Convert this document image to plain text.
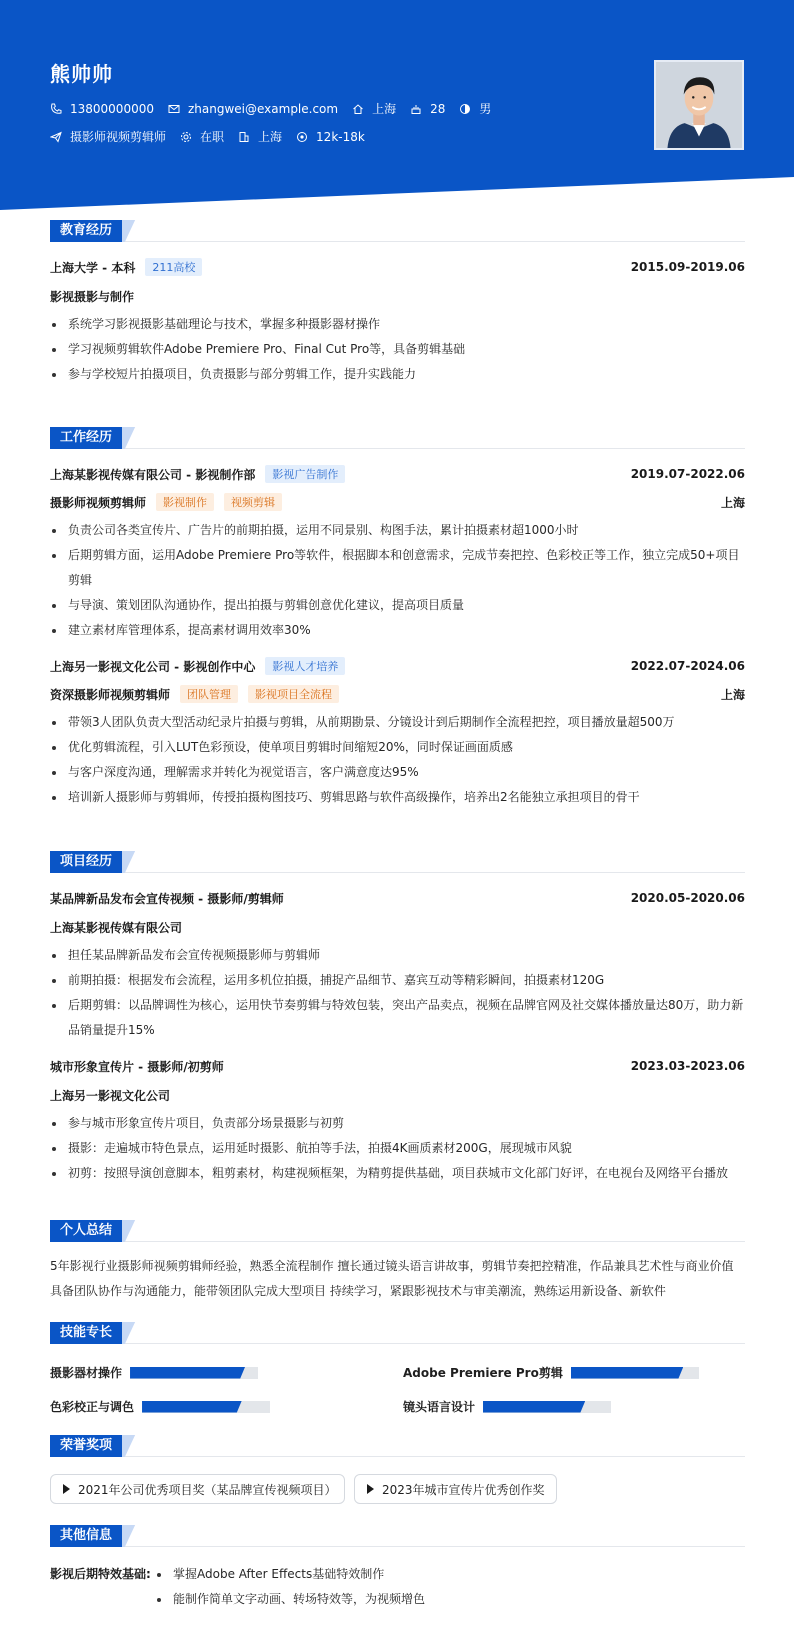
熊帅帅
13800000000	zhangwei@example.com	上海	28	男
摄影师视频剪辑师	在职	上海	12k-18k
教育经历
上海大学 - 本科	211高校	2015.09-2019.06
影视摄影与制作
系统学习影视摄影基础理论与技术，掌握多种摄影器材操作
学习视频剪辑软件Adobe Premiere Pro、Final Cut Pro等，具备剪辑基础
参与学校短片拍摄项目，负责摄影与部分剪辑工作，提升实践能力
工作经历
上海某影视传媒有限公司 - 影视制作部	影视广告制作	2019.07-2022.06
摄影师视频剪辑师	影视制作	视频剪辑	上海
负责公司各类宣传片、广告片的前期拍摄，运用不同景别、构图手法，累计拍摄素材超1000小时
后期剪辑方面，运用Adobe Premiere Pro等软件，根据脚本和创意需求，完成节奏把控、色彩校正等工作，独立完成50+项目剪辑
与导演、策划团队沟通协作，提出拍摄与剪辑创意优化建议，提高项目质量
建立素材库管理体系，提高素材调用效率30%
上海另一影视文化公司 - 影视创作中心	影视人才培养	2022.07-2024.06
资深摄影师视频剪辑师	团队管理	影视项目全流程	上海
带领3人团队负责大型活动纪录片拍摄与剪辑，从前期勘景、分镜设计到后期制作全流程把控，项目播放量超500万
优化剪辑流程，引入LUT色彩预设，使单项目剪辑时间缩短20%，同时保证画面质感
与客户深度沟通，理解需求并转化为视觉语言，客户满意度达95%
培训新人摄影师与剪辑师，传授拍摄构图技巧、剪辑思路与软件高级操作，培养出2名能独立承担项目的骨干
项目经历
某品牌新品发布会宣传视频 - 摄影师/剪辑师	2020.05-2020.06
上海某影视传媒有限公司
担任某品牌新品发布会宣传视频摄影师与剪辑师
前期拍摄：根据发布会流程，运用多机位拍摄，捕捉产品细节、嘉宾互动等精彩瞬间，拍摄素材120G
后期剪辑：以品牌调性为核心，运用快节奏剪辑与特效包装，突出产品卖点，视频在品牌官网及社交媒体播放量达80万，助力新品销量提升15%
城市形象宣传片 - 摄影师/初剪师	2023.03-2023.06
上海另一影视文化公司
参与城市形象宣传片项目，负责部分场景摄影与初剪
摄影：走遍城市特色景点，运用延时摄影、航拍等手法，拍摄4K画质素材200G，展现城市风貌
初剪：按照导演创意脚本，粗剪素材，构建视频框架，为精剪提供基础，项目获城市文化部门好评，在电视台及网络平台播放
个人总结
5年影视行业摄影师视频剪辑师经验，熟悉全流程制作 擅长通过镜头语言讲故事，剪辑节奏把控精准，作品兼具艺术性与商业价值
具备团队协作与沟通能力，能带领团队完成大型项目 持续学习，紧跟影视技术与审美潮流，熟练运用新设备、新软件
技能专长
摄影器材操作	Adobe Premiere Pro剪辑
色彩校正与调色	镜头语言设计
荣誉奖项
2021年公司优秀项目奖（某品牌宣传视频项目）	2023年城市宣传片优秀创作奖
其他信息
影视后期特效基础:	掌握Adobe After Effects基础特效制作
能制作简单文字动画、转场特效等，为视频增色
